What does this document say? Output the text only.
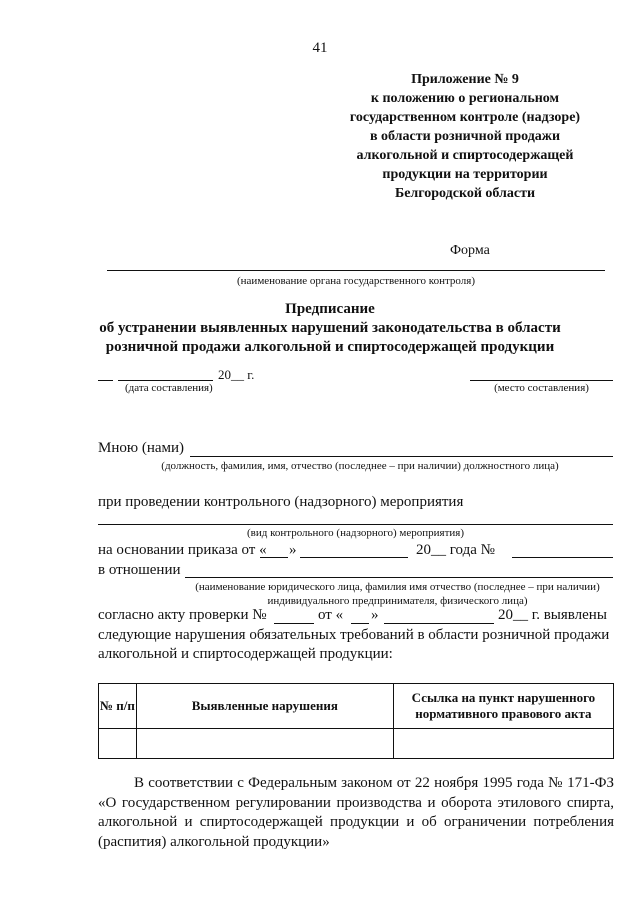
41
Приложение № 9
к положению о региональном
государственном контроле (надзоре)
в области розничной продажи
алкогольной и спиртосодержащей
продукции на территории
Белгородской области
Форма
(наименование органа государственного контроля)
Предписание
об устранении выявленных нарушений законодательства в области
розничной продажи алкогольной и спиртосодержащей продукции
20__ г.
(дата составления)	(место составления)
Мною (нами)
(должность, фамилия, имя, отчество (последнее – при наличии) должностного лица)
при проведении контрольного (надзорного) мероприятия
(вид контрольного (надзорного) мероприятия)
на основании приказа от « »	20__ года №
в отношении
(наименование юридического лица, фамилия имя отчество (последнее – при наличии)
индивидуального предпринимателя, физического лица)
согласно акту проверки №	от « »	20__ г. выявлены
следующие нарушения обязательных требований в области розничной продажи
алкогольной и спиртосодержащей продукции:
№ п/п	Выявленные нарушения	Ссылка на пункт нарушенного нормативного правового акта

В соответствии с Федеральным законом от 22 ноября 1995 года № 171-ФЗ «О государственном регулировании производства и оборота этилового спирта, алкогольной и спиртосодержащей продукции и об ограничении потребления (распития) алкогольной продукции»
